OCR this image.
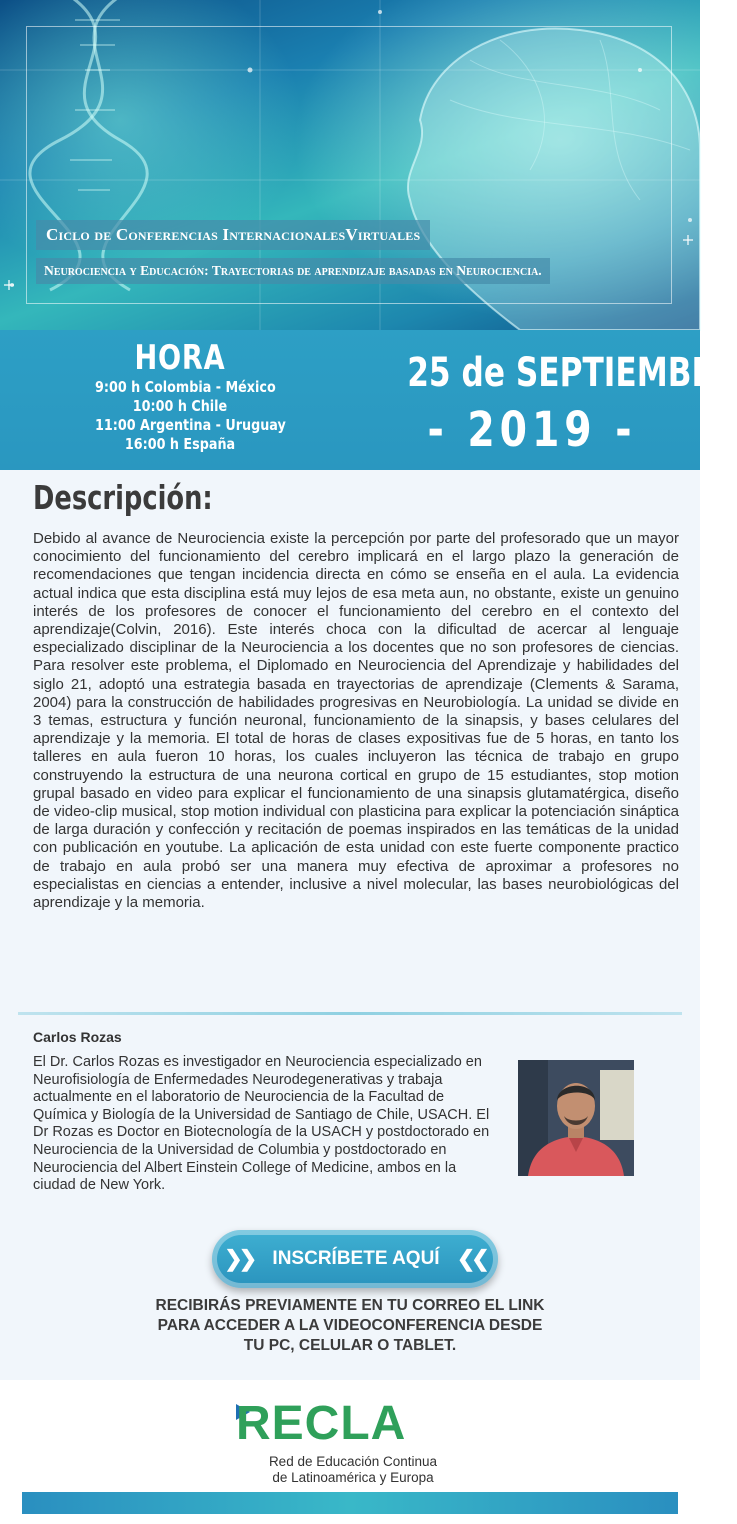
Ciclo de Conferencias InternacionalesVirtuales
Neurociencia y Educación: Trayectorias de aprendizaje basadas en Neurociencia.
HORA
9:00 h Colombia - México
10:00 h Chile
11:00 Argentina - Uruguay
16:00 h España
25 de SEPTIEMBRE
- 2019 -
Descripción:

Debido al avance de Neurociencia existe la percepción por parte del profesorado que un mayor conocimiento del funcionamiento del cerebro implicará en el largo plazo la generación de recomendaciones que tengan incidencia directa en cómo se enseña en el aula. La evidencia actual indica que esta disciplina está muy lejos de esa meta aun, no obstante, existe un genuino interés de los profesores de conocer el funcionamiento del cerebro en el contexto del aprendizaje(Colvin, 2016). Este interés choca con la dificultad de acercar al lenguaje especializado disciplinar de la Neurociencia a los docentes que no son profesores de ciencias. Para resolver este problema, el Diplomado en Neurociencia del Aprendizaje y habilidades del siglo 21, adoptó una estrategia basada en trayectorias de aprendizaje (Clements & Sarama, 2004) para la construcción de habilidades progresivas en Neurobiología. La unidad se divide en 3 temas, estructura y función neuronal, funcionamiento de la sinapsis, y bases celulares del aprendizaje y la memoria. El total de horas de clases expositivas fue de 5 horas, en tanto los talleres en aula fueron 10 horas, los cuales incluyeron las técnica de trabajo en grupo construyendo la estructura de una neurona cortical en grupo de 15 estudiantes, stop motion grupal basado en video para explicar el funcionamiento de una sinapsis glutamatérgica, diseño de video-clip musical, stop motion individual con plasticina para explicar la potenciación sináptica de larga duración y confección y recitación de poemas inspirados en las temáticas de la unidad con publicación en youtube. La aplicación de esta unidad con este fuerte componente practico de trabajo en aula probó ser una manera muy efectiva de aproximar a profesores no especialistas en ciencias a entender, inclusive a nivel molecular, las bases neurobiológicas del aprendizaje y la memoria.

Carlos Rozas

El Dr. Carlos Rozas es investigador en Neurociencia especializado en Neurofisiología de Enfermedades Neurodegenerativas y trabaja actualmente en el laboratorio de Neurociencia de la Facultad de Química y Biología de la Universidad de Santiago de Chile, USACH. El Dr Rozas es Doctor en Biotecnología de la USACH y postdoctorado en Neurociencia de la Universidad de Columbia y postdoctorado en Neurociencia del Albert Einstein College of Medicine, ambos en la ciudad de New York.

❯❯ INSCRÍBETE AQUÍ ❮❮
RECIBIRÁS PREVIAMENTE EN TU CORREO EL LINK
PARA ACCEDER A LA VIDEOCONFERENCIA DESDE
TU PC, CELULAR O TABLET.
RECLA
Red de Educación Continua
de Latinoamérica y Europa
